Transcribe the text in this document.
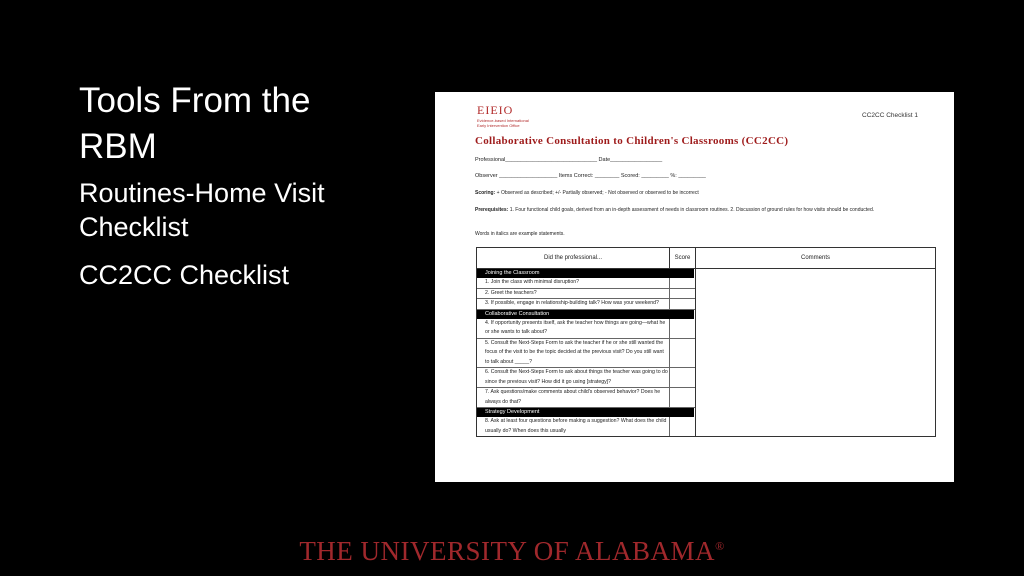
Tools From the RBM
Routines-Home Visit Checklist
CC2CC Checklist
EIEIO
Evidence-based International Early Intervention Office
CC2CC Checklist 1
Collaborative Consultation to Children's Classrooms (CC2CC)
Professional______________________________ Date_________________
Observer ___________________ Items Correct: ________ Scored: _________ %: _________
Scoring: + Observed as described; +/- Partially observed; - Not observed or observed to be incorrect
Prerequisites: 1. Four functional child goals, derived from an in-depth assessment of needs in classroom routines. 2. Discussion of ground rules for how visits should be conducted.
Words in italics are example statements.
Did the professional...	Score	Comments
Joining the Classroom
1. Join the class with minimal disruption?
2. Greet the teachers?
3. If possible, engage in relationship-building talk? How was your weekend?
Collaborative Consultation
4. If opportunity presents itself, ask the teacher how things are going—what he or she wants to talk about?
5. Consult the Next-Steps Form to ask the teacher if he or she still wanted the focus of the visit to be the topic decided at the previous visit? Do you still want to talk about _____?
6. Consult the Next-Steps Form to ask about things the teacher was going to do since the previous visit? How did it go using [strategy]?
7. Ask questions/make comments about child's observed behavior? Does he always do that?
Strategy Development
8. Ask at least four questions before making a suggestion? What does the child usually do? When does this usually
THE UNIVERSITY OF ALABAMA®
